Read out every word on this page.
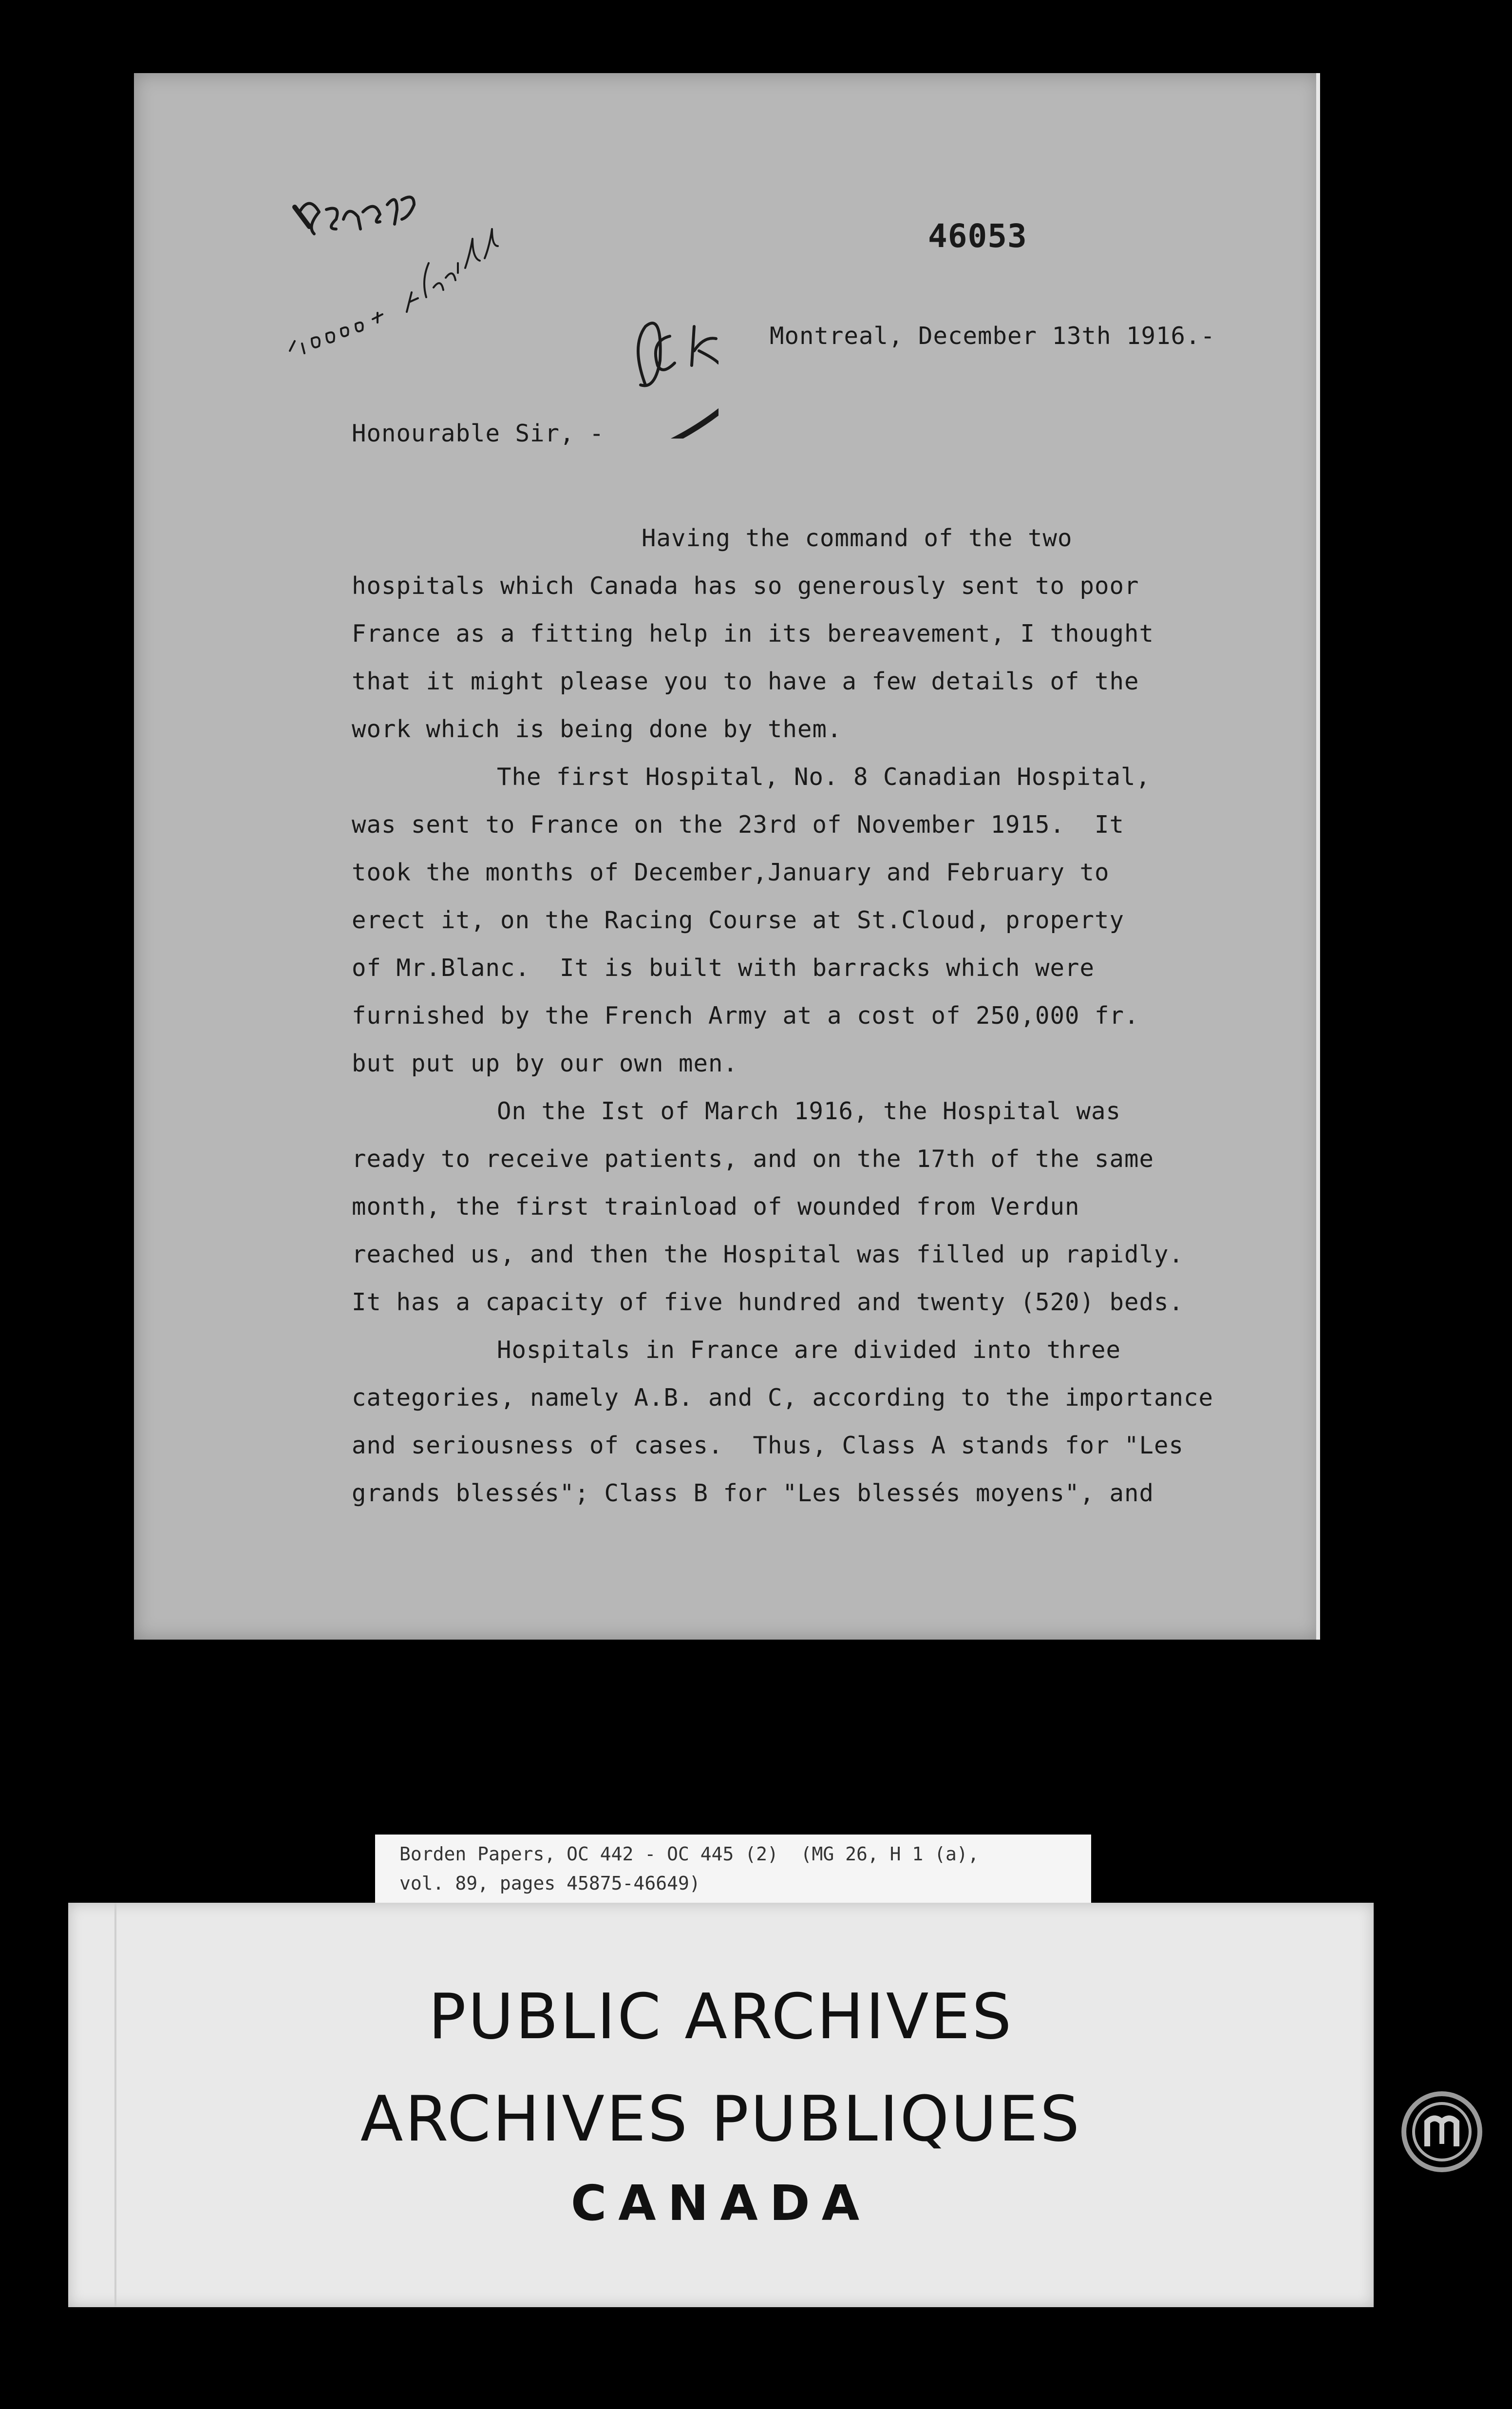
46053
Montreal, December 13th 1916.-
Honourable Sir, -
Having the command of the two
hospitals which Canada has so generously sent to poor
France as a fitting help in its bereavement, I thought
that it might please you to have a few details of the
work which is being done by them.
The first Hospital, No. 8 Canadian Hospital,
was sent to France on the 23rd of November 1915.  It
took the months of December,January and February to
erect it, on the Racing Course at St.Cloud, property
of Mr.Blanc.  It is built with barracks which were
furnished by the French Army at a cost of 250,000 fr.
but put up by our own men.
On the Ist of March 1916, the Hospital was
ready to receive patients, and on the 17th of the same
month, the first trainload of wounded from Verdun
reached us, and then the Hospital was filled up rapidly.
It has a capacity of five hundred and twenty (520) beds.
Hospitals in France are divided into three
categories, namely A.B. and C, according to the importance
and seriousness of cases.  Thus, Class A stands for "Les
grands blessés"; Class B for "Les blessés moyens", and
Borden Papers, OC 442 - OC 445 (2)  (MG 26, H 1 (a),
vol. 89, pages 45875-46649)
PUBLIC ARCHIVES
ARCHIVES PUBLIQUES
CANADA
